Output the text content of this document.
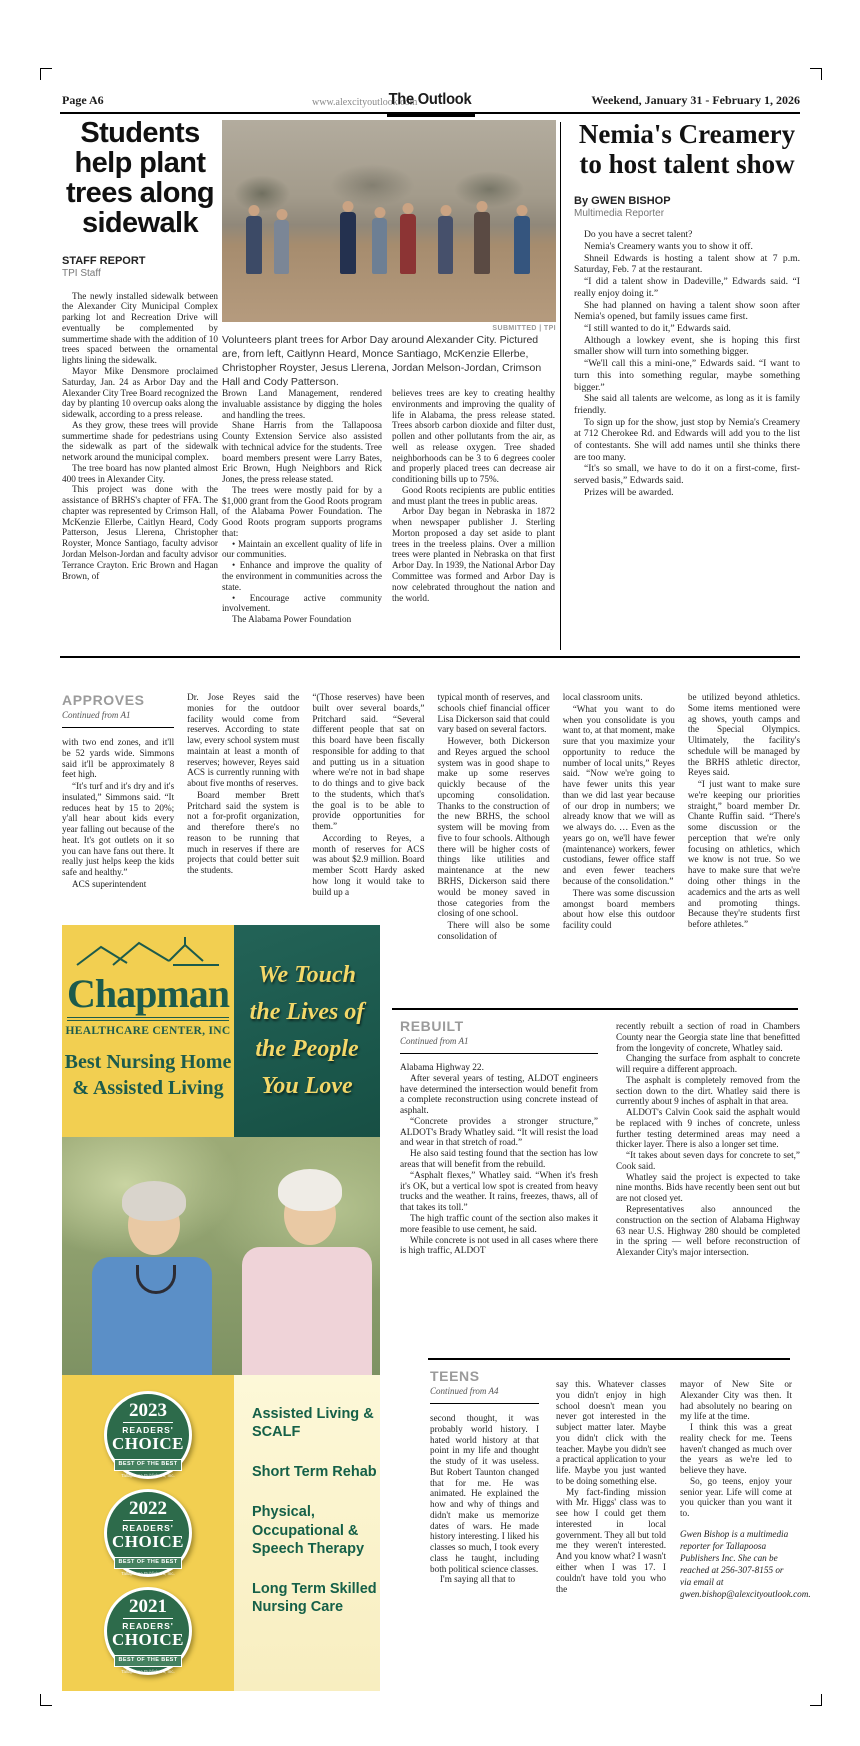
Page A6	www.alexcityoutlook.com
The Outlook	Weekend, January 31 - February 1, 2026
Students help plant trees along sidewalk
STAFF REPORT
TPI Staff

The newly installed sidewalk between the Alexander City Municipal Complex parking lot and Recreation Drive will eventually be complemented by summertime shade with the addition of 10 trees spaced between the ornamental lights lining the sidewalk.

Mayor Mike Densmore proclaimed Saturday, Jan. 24 as Arbor Day and the Alexander City Tree Board recognized the day by planting 10 overcup oaks along the sidewalk, according to a press release.

As they grow, these trees will provide summertime shade for pedestrians using the sidewalk as part of the sidewalk network around the municipal complex.

The tree board has now planted almost 400 trees in Alexander City.

This project was done with the assistance of BRHS's chapter of FFA. The chapter was represented by Crimson Hall, McKenzie Ellerbe, Caitlyn Heard, Cody Patterson, Jesus Llerena, Christopher Royster, Monce Santiago, faculty advisor Jordan Melson-Jordan and faculty advisor Terrance Crayton. Eric Brown and Hagan Brown, of

SUBMITTED | TPI
Volunteers plant trees for Arbor Day around Alexander City. Pictured are, from left, Caitlynn Heard, Monce Santiago, McKenzie Ellerbe, Christopher Royster, Jesus Llerena, Jordan Melson-Jordan, Crimson Hall and Cody Patterson.

Brown Land Management, rendered invaluable assistance by digging the holes and handling the trees.

Shane Harris from the Tallapoosa County Extension Service also assisted with technical advice for the students. Tree board members present were Larry Bates, Eric Brown, Hugh Neighbors and Rick Jones, the press release stated.

The trees were mostly paid for by a $1,000 grant from the Good Roots program of the Alabama Power Foundation. The Good Roots program supports programs that:

• Maintain an excellent quality of life in our communities.

• Enhance and improve the quality of the environment in communities across the state.

• Encourage active community involvement.

The Alabama Power Foundation

believes trees are key to creating healthy environments and improving the quality of life in Alabama, the press release stated. Trees absorb carbon dioxide and filter dust, pollen and other pollutants from the air, as well as release oxygen. Tree shaded neighborhoods can be 3 to 6 degrees cooler and properly placed trees can decrease air conditioning bills up to 75%.

Good Roots recipients are public entities and must plant the trees in public areas.

Arbor Day began in Nebraska in 1872 when newspaper publisher J. Sterling Morton proposed a day set aside to plant trees in the treeless plains. Over a million trees were planted in Nebraska on that first Arbor Day. In 1939, the National Arbor Day Committee was formed and Arbor Day is now celebrated throughout the nation and the world.

Nemia's Creamery to host talent show
By GWEN BISHOP
Multimedia Reporter

Do you have a secret talent?

Nemia's Creamery wants you to show it off.

Shneil Edwards is hosting a talent show at 7 p.m. Saturday, Feb. 7 at the restaurant.

“I did a talent show in Dadeville,” Edwards said. “I really enjoy doing it.”

She had planned on having a talent show soon after Nemia's opened, but family issues came first.

“I still wanted to do it,” Edwards said.

Although a lowkey event, she is hoping this first smaller show will turn into something bigger.

“We'll call this a mini-one,” Edwards said. “I want to turn this into something regular, maybe something bigger.”

She said all talents are welcome, as long as it is family friendly.

To sign up for the show, just stop by Nemia's Creamery at 712 Cherokee Rd. and Edwards will add you to the list of contestants. She will add names until she thinks there are too many.

“It's so small, we have to do it on a first-come, first-served basis,” Edwards said.

Prizes will be awarded.

APPROVES
Continued from A1

with two end zones, and it'll be 52 yards wide. Simmons said it'll be approximately 8 feet high.

“It's turf and it's dry and it's insulated,” Simmons said. “It reduces heat by 15 to 20%; y'all hear about kids every year falling out because of the heat. It's got outlets on it so you can have fans out there. It really just helps keep the kids safe and healthy.”

ACS superintendent

Dr. Jose Reyes said the monies for the outdoor facility would come from reserves. According to state law, every school system must maintain at least a month of reserves; however, Reyes said ACS is currently running with about five months of reserves.

Board member Brett Pritchard said the system is not a for-profit organization, and therefore there's no reason to be running that much in reserves if there are projects that could better suit the students.

“(Those reserves) have been built over several boards,” Pritchard said. “Several different people that sat on this board have been fiscally responsible for adding to that and putting us in a situation where we're not in bad shape to do things and to give back to the students, which that's the goal is to be able to provide opportunities for them.”

According to Reyes, a month of reserves for ACS was about $2.9 million. Board member Scott Hardy asked how long it would take to build up a

typical month of reserves, and schools chief financial officer Lisa Dickerson said that could vary based on several factors.

However, both Dickerson and Reyes argued the school system was in good shape to make up some reserves quickly because of the upcoming consolidation. Thanks to the construction of the new BRHS, the school system will be moving from five to four schools. Although there will be higher costs of things like utilities and maintenance at the new BRHS, Dickerson said there would be money saved in those categories from the closing of one school.

There will also be some consolidation of

local classroom units.

“What you want to do when you consolidate is you want to, at that moment, make sure that you maximize your opportunity to reduce the number of local units,” Reyes said. “Now we're going to have fewer units this year than we did last year because of our drop in numbers; we already know that we will as we always do. … Even as the years go on, we'll have fewer (maintenance) workers, fewer custodians, fewer office staff and even fewer teachers because of the consolidation.”

There was some discussion amongst board members about how else this outdoor facility could

be utilized beyond athletics. Some items mentioned were ag shows, youth camps and the Special Olympics. Ultimately, the facility's schedule will be managed by the BRHS athletic director, Reyes said.

“I just want to make sure we're keeping our priorities straight,” board member Dr. Chante Ruffin said. “There's some discussion or the perception that we're only focusing on athletics, which we know is not true. So we have to make sure that we're doing other things in the academics and the arts as well and promoting things. Because they're students first before athletes.”

REBUILT
Continued from A1

Alabama Highway 22.

After several years of testing, ALDOT engineers have determined the intersection would benefit from a complete reconstruction using concrete instead of asphalt.

“Concrete provides a stronger structure,” ALDOT's Brady Whatley said. “It will resist the load and wear in that stretch of road.”

He also said testing found that the section has low areas that will benefit from the rebuild.

“Asphalt flexes,” Whatley said. “When it's fresh it's OK, but a vertical low spot is created from heavy trucks and the weather. It rains, freezes, thaws, all of that takes its toll.”

The high traffic count of the section also makes it more feasible to use cement, he said.

While concrete is not used in all cases where there is high traffic, ALDOT

recently rebuilt a section of road in Chambers County near the Georgia state line that benefitted from the longevity of concrete, Whatley said.

Changing the surface from asphalt to concrete will require a different approach.

The asphalt is completely removed from the section down to the dirt. Whatley said there is currently about 9 inches of asphalt in that area.

ALDOT's Calvin Cook said the asphalt would be replaced with 9 inches of concrete, unless further testing determined areas may need a thicker layer. There is also a longer set time.

“It takes about seven days for concrete to set,” Cook said.

Whatley said the project is expected to take nine months. Bids have recently been sent out but are not closed yet.

Representatives also announced the construction on the section of Alabama Highway 63 near U.S. Highway 280 should be completed in the spring — well before reconstruction of Alexander City's major intersection.

TEENS
Continued from A4

second thought, it was probably world history. I hated world history at that point in my life and thought the study of it was useless. But Robert Taunton changed that for me. He was animated. He explained the how and why of things and didn't make us memorize dates of wars. He made history interesting. I liked his classes so much, I took every class he taught, including both political science classes.

I'm saying all that to

say this. Whatever classes you didn't enjoy in high school doesn't mean you never got interested in the subject matter later. Maybe you didn't click with the teacher. Maybe you didn't see a practical application to your life. Maybe you just wanted to be doing something else.

My fact-finding mission with Mr. Higgs' class was to see how I could get them interested in local government. They all but told me they weren't interested. And you know what? I wasn't either when I was 17. I couldn't have told you who the

mayor of New Site or Alexander City was then. It had absolutely no bearing on my life at the time.

I think this was a great reality check for me. Teens haven't changed as much over the years as we're led to believe they have.

So, go teens, enjoy your senior year. Life will come at you quicker than you want it to.

Gwen Bishop is a multimedia reporter for Tallapoosa Publishers Inc. She can be reached at 256-307-8155 or via email at gwen.bishop@alexcityoutlook.com.
Chapman
HEALTHCARE CENTER, INC
Best Nursing Home & Assisted Living

We Touch

the Lives of

the People

You Love

2023
READERS'
CHOICE
BEST OF THE BEST
Tallapoosa Publishers, Inc.
2022
READERS'
CHOICE
BEST OF THE BEST
Tallapoosa Publishers, Inc.
2021
READERS'
CHOICE
BEST OF THE BEST
Tallapoosa Publishers, Inc.

Assisted Living & SCALF

Short Term Rehab

Physical, Occupational & Speech Therapy

Long Term Skilled Nursing Care
